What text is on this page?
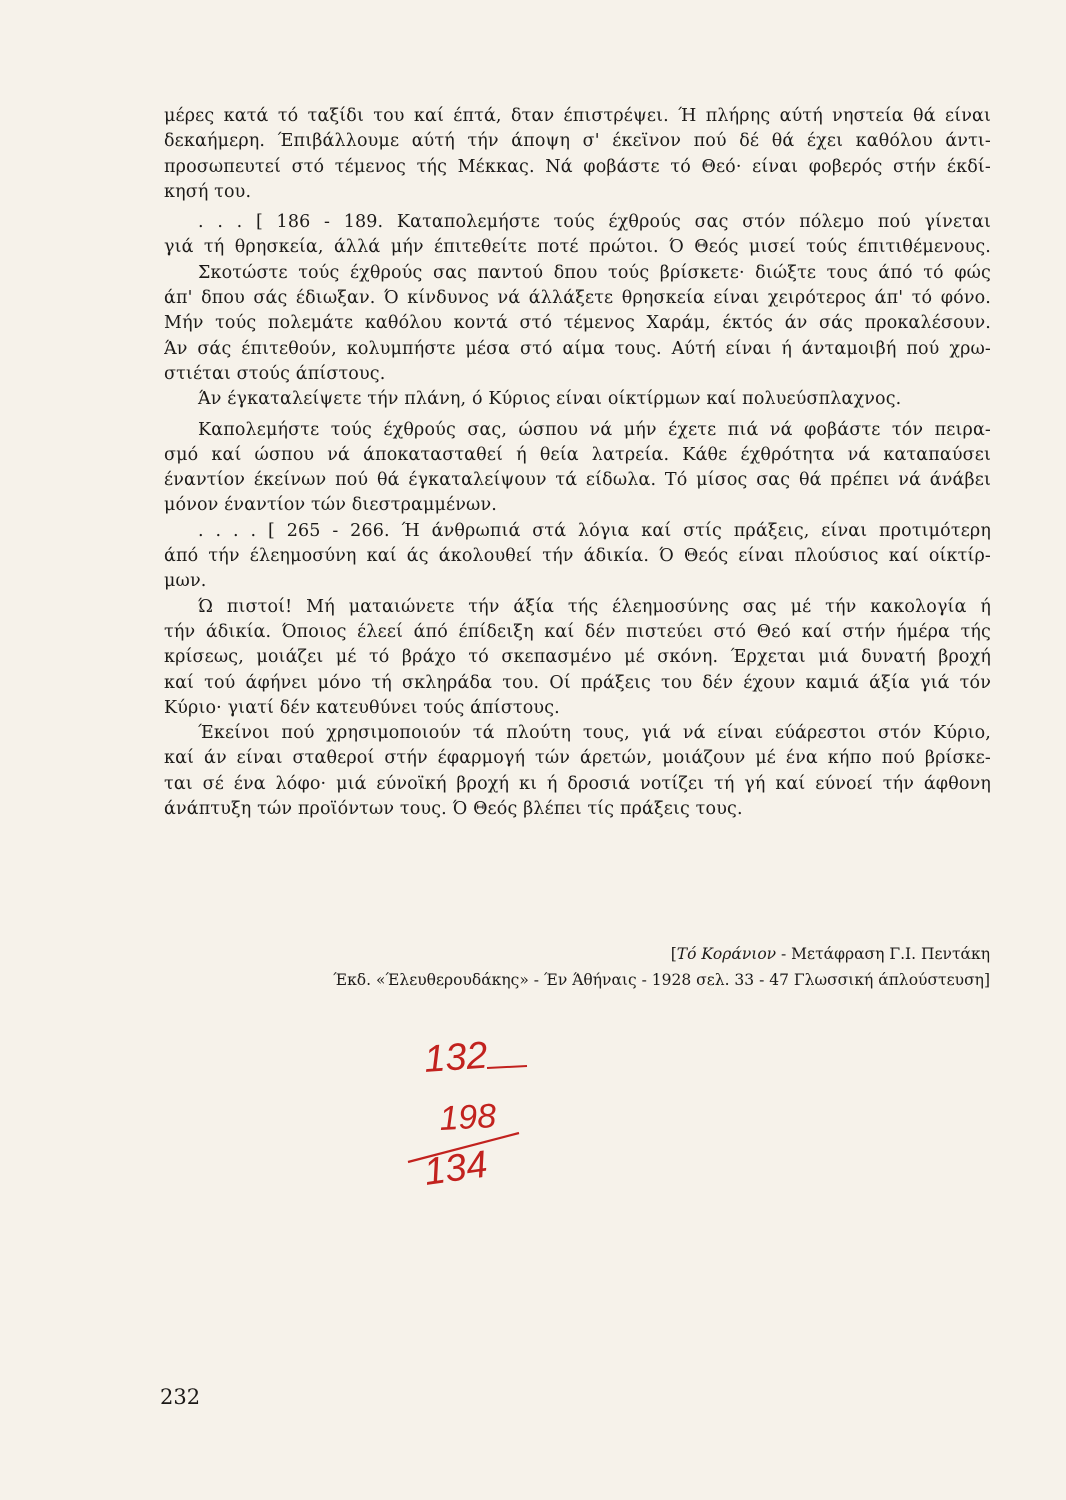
μέρες κατά τό ταξίδι του καί έπτά, δταν έπιστρέψει. Ή πλήρης αύτή νηστεία θά είναι
δεκαήμερη. Έπιβάλλουμε αύτή τήν άποψη σ' έκεϊνον πού δέ θά έχει καθόλου άντι-
προσωπευτεί στό τέμενος τής Μέκκας. Νά φοβάστε τό Θεό· είναι φοβερός στήν έκδί-
κησή του.
. . . [ 186 - 189. Καταπολεμήστε τούς έχθρούς σας στόν πόλεμο πού γίνεται
γιά τή θρησκεία, άλλά μήν έπιτεθείτε ποτέ πρώτοι. Ό Θεός μισεί τούς έπιτιθέμενους.
Σκοτώστε τούς έχθρούς σας παντού δπου τούς βρίσκετε· διώξτε τους άπό τό φώς
άπ' δπου σάς έδιωξαν. Ό κίνδυνος νά άλλάξετε θρησκεία είναι χειρότερος άπ' τό φόνο.
Μήν τούς πολεμάτε καθόλου κοντά στό τέμενος Χαράμ, έκτός άν σάς προκαλέσουν.
Άν σάς έπιτεθούν, κολυμπήστε μέσα στό αίμα τους. Αύτή είναι ή άνταμοιβή πού χρω-
στιέται στούς άπίστους.
Άν έγκαταλείψετε τήν πλάνη, ό Κύριος είναι οίκτίρμων καί πολυεύσπλαχνος.
Καπολεμήστε τούς έχθρούς σας, ώσπου νά μήν έχετε πιά νά φοβάστε τόν πειρα-
σμό καί ώσπου νά άποκατασταθεί ή θεία λατρεία. Κάθε έχθρότητα νά καταπαύσει
έναντίον έκείνων πού θά έγκαταλείψουν τά είδωλα. Τό μίσος σας θά πρέπει νά άνάβει
μόνον έναντίον τών διεστραμμένων.
. . . . [ 265 - 266. Ή άνθρωπιά στά λόγια καί στίς πράξεις, είναι προτιμότερη
άπό τήν έλεημοσύνη καί άς άκολουθεί τήν άδικία. Ό Θεός είναι πλούσιος καί οίκτίρ-
μων.
Ώ πιστοί! Μή ματαιώνετε τήν άξία τής έλεημοσύνης σας μέ τήν κακολογία ή
τήν άδικία. Όποιος έλεεί άπό έπίδειξη καί δέν πιστεύει στό Θεό καί στήν ήμέρα τής
κρίσεως, μοιάζει μέ τό βράχο τό σκεπασμένο μέ σκόνη. Έρχεται μιά δυνατή βροχή
καί τού άφήνει μόνο τή σκληράδα του. Οί πράξεις του δέν έχουν καμιά άξία γιά τόν
Κύριο· γιατί δέν κατευθύνει τούς άπίστους.
Έκείνοι πού χρησιμοποιούν τά πλούτη τους, γιά νά είναι εύάρεστοι στόν Κύριο,
καί άν είναι σταθεροί στήν έφαρμογή τών άρετών, μοιάζουν μέ ένα κήπο πού βρίσκε-
ται σέ ένα λόφο· μιά εύνοϊκή βροχή κι ή δροσιά νοτίζει τή γή καί εύνοεί τήν άφθονη
άνάπτυξη τών προϊόντων τους. Ό Θεός βλέπει τίς πράξεις τους.
[Τό Κοράνιον - Μετάφραση Γ.Ι. Πεντάκη
Έκδ. «Έλευθερουδάκης» - Έν Άθήναις - 1928 σελ. 33 - 47 Γλωσσική άπλούστευση]
132
198
134
232
